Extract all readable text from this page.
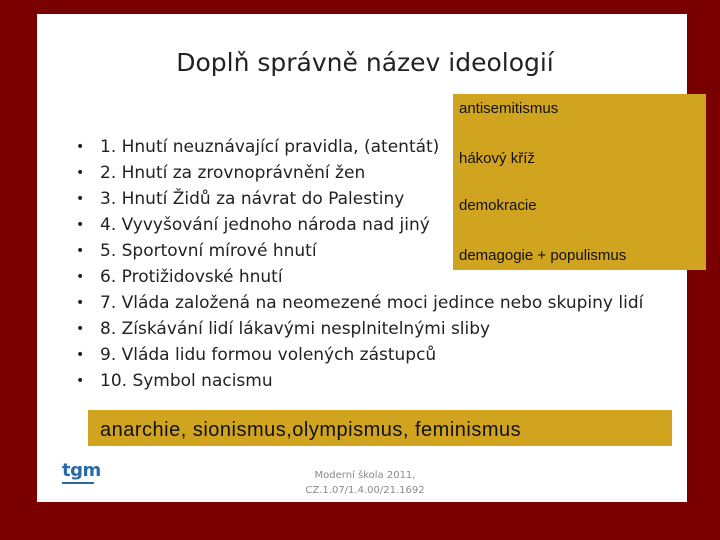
Doplň správně název ideologií
• 1. Hnutí neuznávající pravidla, (atentát)
• 2. Hnutí za zrovnoprávnění žen
• 3. Hnutí Židů za návrat do Palestiny
• 4. Vyvyšování jednoho národa nad jiný
• 5. Sportovní mírové hnutí
• 6. Protižidovské hnutí
• 7. Vláda založená na neomezené moci jedince nebo skupiny lidí
• 8. Získávání lidí lákavými nesplnitelnými sliby
• 9. Vláda lidu formou volených zástupců
• 10. Symbol nacismu
antisemitismus
hákový kříž
demokracie
demagogie + populismus
anarchie, sionismus,olympismus, feminismus
tgm	Moderní škola 2011,
CZ.1.07/1.4.00/21.1692
